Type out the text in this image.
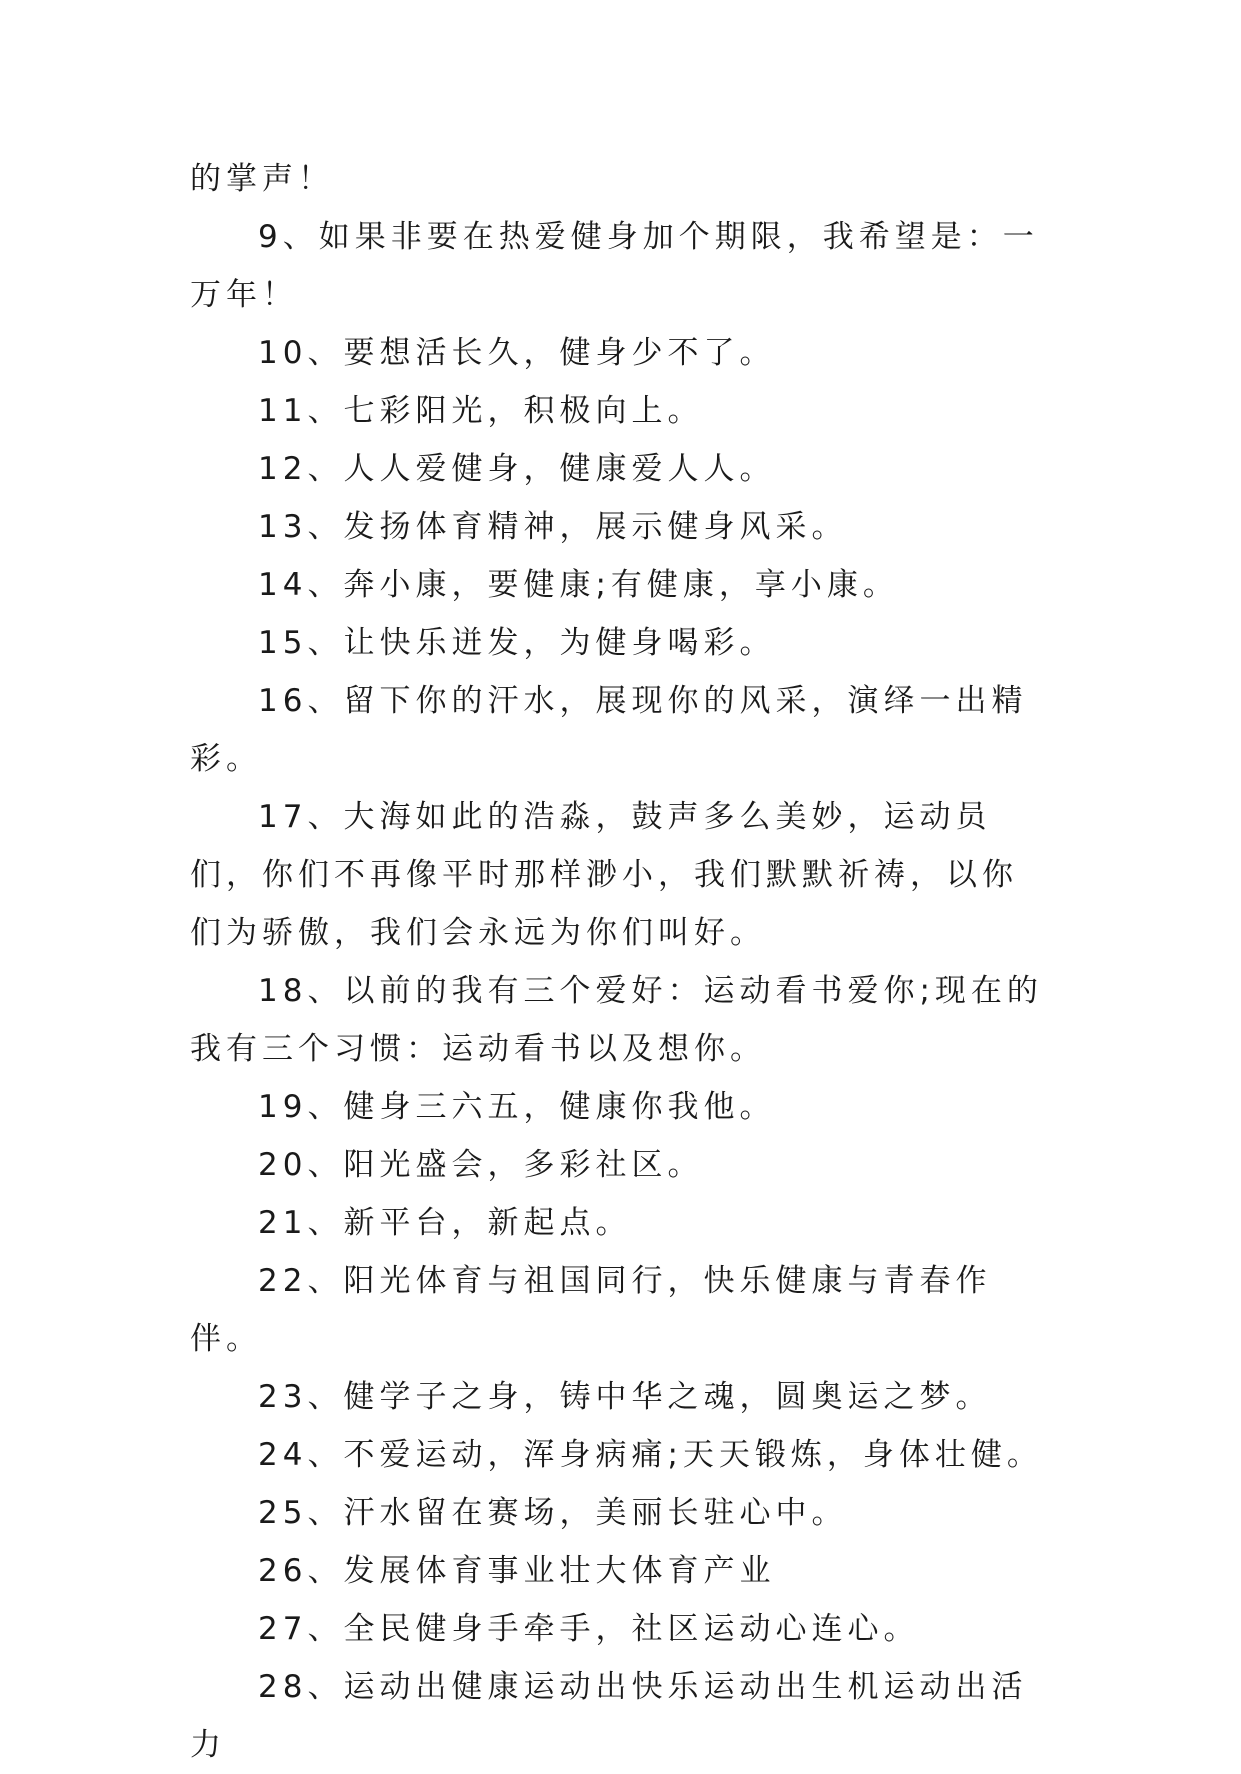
的掌声！

9、如果非要在热爱健身加个期限，我希望是：一万年！

10、要想活长久，健身少不了。

11、七彩阳光，积极向上。

12、人人爱健身，健康爱人人。

13、发扬体育精神，展示健身风采。

14、奔小康，要健康;有健康，享小康。

15、让快乐迸发，为健身喝彩。

16、留下你的汗水，展现你的风采，演绎一出精彩。

17、大海如此的浩淼，鼓声多么美妙，运动员们，你们不再像平时那样渺小，我们默默祈祷，以你们为骄傲，我们会永远为你们叫好。

18、以前的我有三个爱好：运动看书爱你;现在的我有三个习惯：运动看书以及想你。

19、健身三六五，健康你我他。

20、阳光盛会，多彩社区。

21、新平台，新起点。

22、阳光体育与祖国同行，快乐健康与青春作伴。

23、健学子之身，铸中华之魂，圆奥运之梦。

24、不爱运动，浑身病痛;天天锻炼，身体壮健。

25、汗水留在赛场，美丽长驻心中。

26、发展体育事业壮大体育产业

27、全民健身手牵手，社区运动心连心。

28、运动出健康运动出快乐运动出生机运动出活力
